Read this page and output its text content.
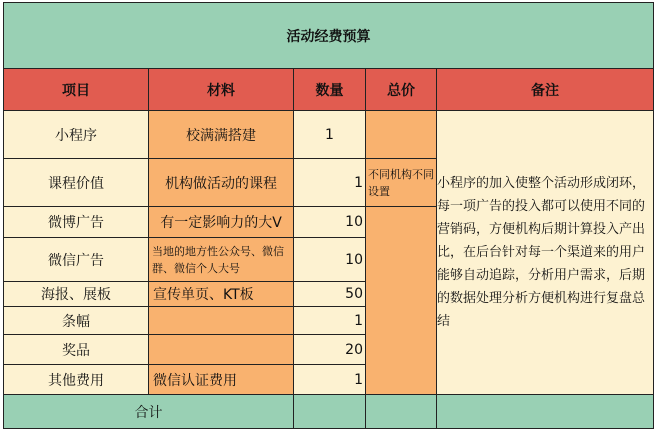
活动经费预算				
项目	材料	数量	总价	备注
小程序	校满满搭建	1		小程序的加入使整个活动形成闭环，每一项广告的投入都可以使用不同的营销码，方便机构后期计算投入产出比，在后台针对每一个渠道来的用户能够自动追踪，分析用户需求，后期的数据处理分析方便机构进行复盘总结
课程价值	机构做活动的课程	1	不同机构不同设置	
微博广告	有一定影响力的大V	10		
微信广告	当地的地方性公众号、微信群、微信个人大号	10		
海报、展板	宣传单页、KT板	50		
条幅		1		
奖品		20		
其他费用	微信认证费用	1		
合计				
